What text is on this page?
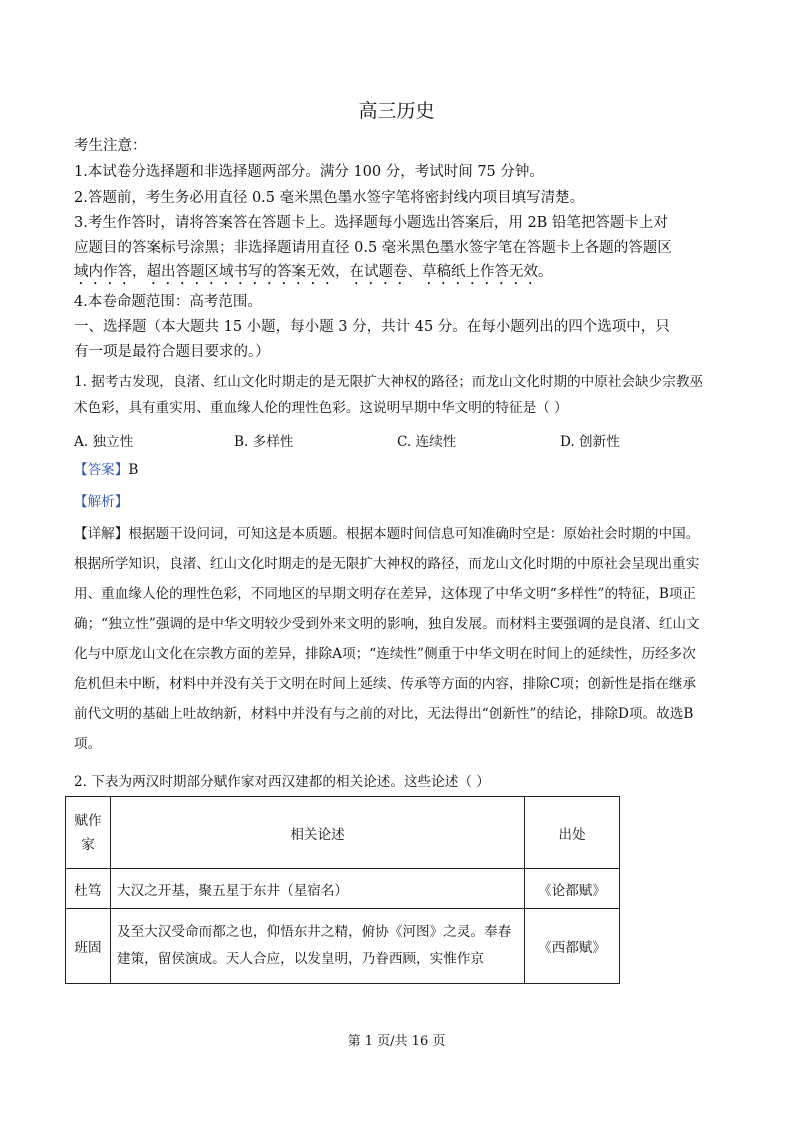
高三历史
考生注意：
1.本试卷分选择题和非选择题两部分。满分 100 分，考试时间 75 分钟。
2.答题前，考生务必用直径 0.5 毫米黑色墨水签字笔将密封线内项目填写清楚。
3.考生作答时，请将答案答在答题卡上。选择题每小题选出答案后，用 2B 铅笔把答题卡上对
应题目的答案标号涂黑；非选择题请用直径 0.5 毫米黑色墨水签字笔在答题卡上各题的答题区
域内作答，超出答题区域书写的答案无效，在试题卷、草稿纸上作答无效。
4.本卷命题范围：高考范围。
一、选择题（本大题共 15 小题，每小题 3 分，共计 45 分。在每小题列出的四个选项中，只
有一项是最符合题目要求的。）
1. 据考古发现，良渚、红山文化时期走的是无限扩大神权的路径；而龙山文化时期的中原社会缺少宗教巫
术色彩，具有重实用、重血缘人伦的理性色彩。这说明早期中华文明的特征是（ ）
A. 独立性	B. 多样性	C. 连续性	D. 创新性
【答案】B
【解析】
【详解】根据题干设问词，可知这是本质题。根据本题时间信息可知准确时空是：原始社会时期的中国。
根据所学知识，良渚、红山文化时期走的是无限扩大神权的路径，而龙山文化时期的中原社会呈现出重实
用、重血缘人伦的理性色彩，不同地区的早期文明存在差异，这体现了中华文明“多样性”的特征，B项正
确；“独立性”强调的是中华文明较少受到外来文明的影响，独自发展。而材料主要强调的是良渚、红山文
化与中原龙山文化在宗教方面的差异，排除A项；“连续性”侧重于中华文明在时间上的延续性，历经多次
危机但未中断，材料中并没有关于文明在时间上延续、传承等方面的内容，排除C项；创新性是指在继承
前代文明的基础上吐故纳新，材料中并没有与之前的对比，无法得出“创新性”的结论，排除D项。故选B
项。
2. 下表为两汉时期部分赋作家对西汉建都的相关论述。这些论述（ ）
赋作家	相关论述	出处
杜笃	大汉之开基，聚五星于东井（星宿名）	《论都赋》
班固	及至大汉受命而都之也，仰悟东井之精，俯协《河图》之灵。奉春建策，留侯演成。天人合应，以发皇明，乃眷西顾，实惟作京	《西都赋》
第 1 页/共 16 页
